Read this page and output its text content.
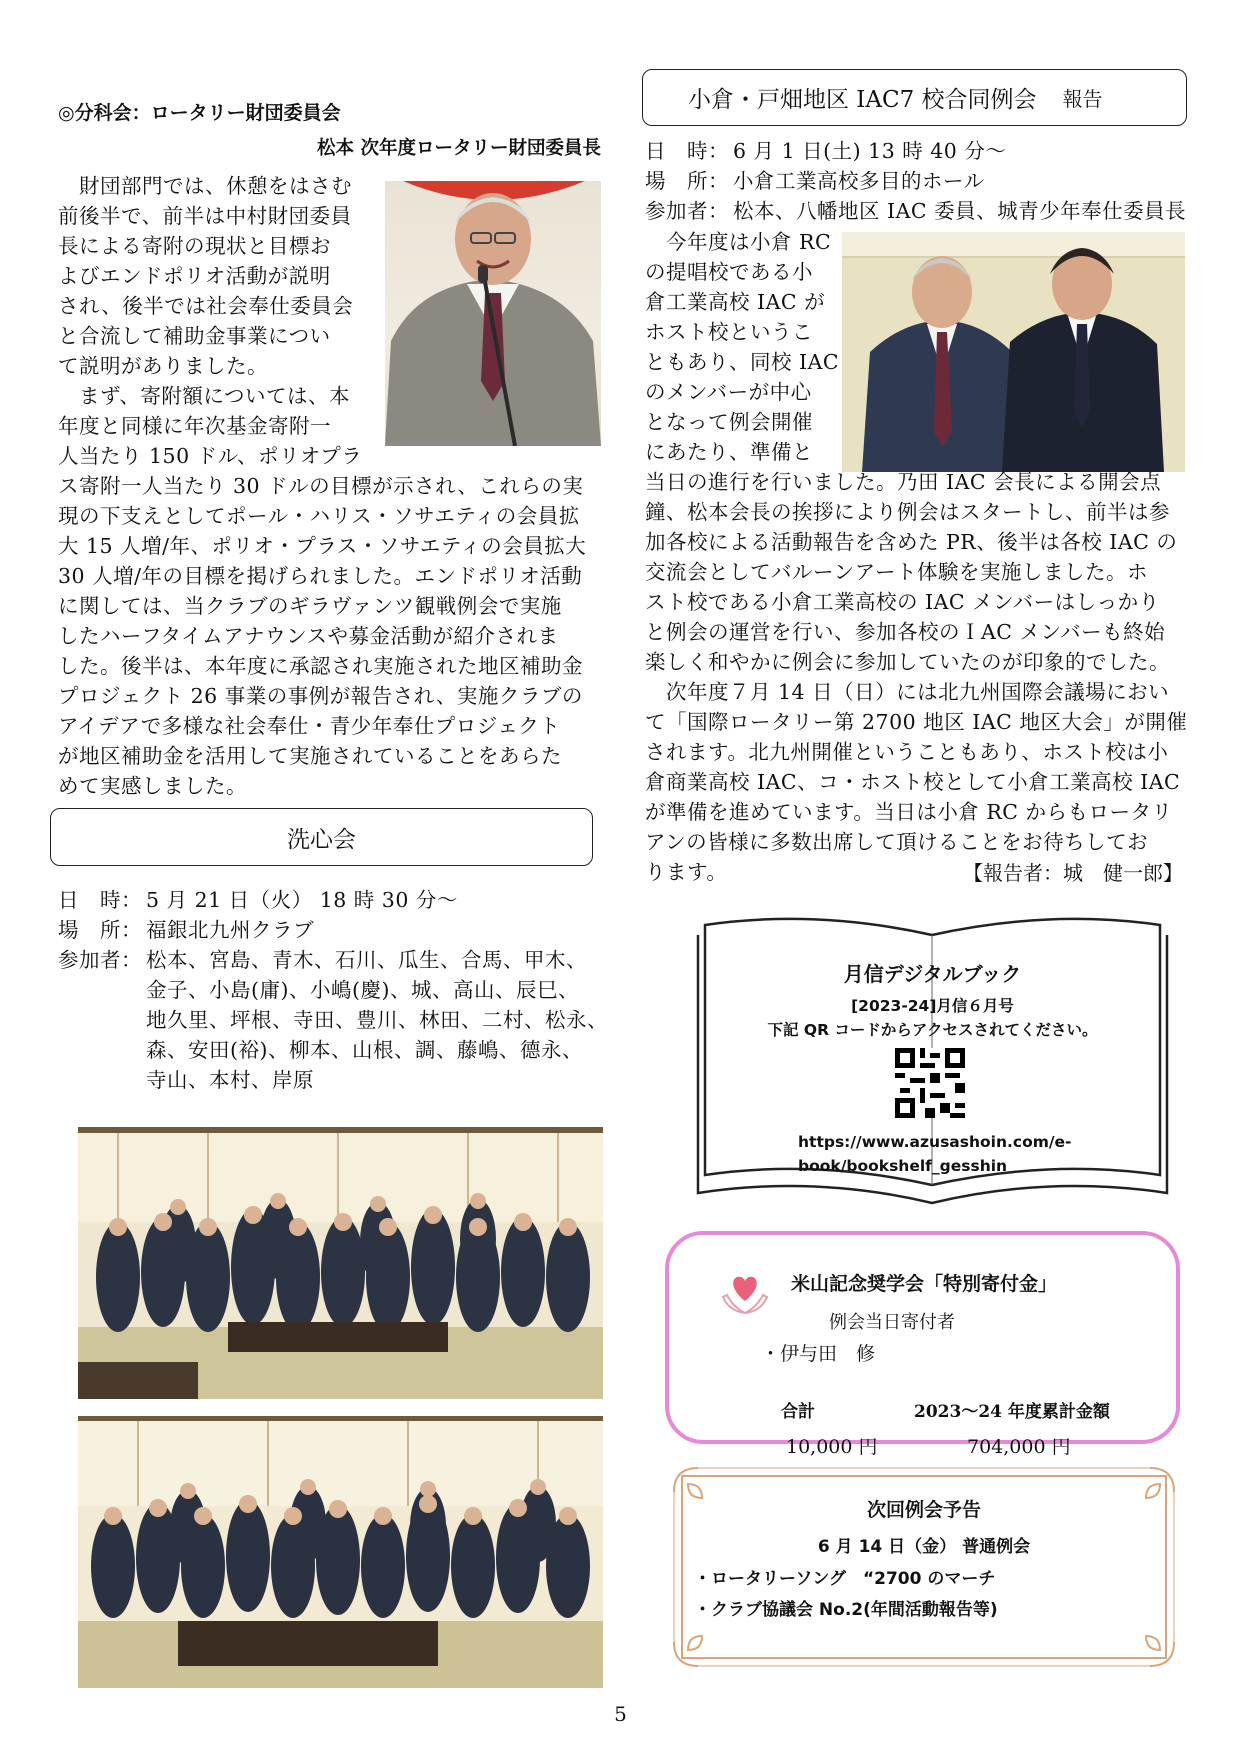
◎分科会：ロータリー財団委員会
松本 次年度ロータリー財団委員長
　財団部門では、休憩をはさむ
前後半で、前半は中村財団委員
長による寄附の現状と目標お
よびエンドポリオ活動が説明
され、後半では社会奉仕委員会
と合流して補助金事業につい
て説明がありました。
　まず、寄附額については、本
年度と同様に年次基金寄附一
人当たり 150 ドル、ポリオプラ
ス寄附一人当たり 30 ドルの目標が示され、これらの実
現の下支えとしてポール・ハリス・ソサエティの会員拡
大 15 人増/年、ポリオ・プラス・ソサエティの会員拡大
30 人増/年の目標を掲げられました。エンドポリオ活動
に関しては、当クラブのギラヴァンツ観戦例会で実施
したハーフタイムアナウンスや募金活動が紹介されま
した。後半は、本年度に承認され実施された地区補助金
プロジェクト 26 事業の事例が報告され、実施クラブの
アイデアで多様な社会奉仕・青少年奉仕プロジェクト
が地区補助金を活用して実施されていることをあらた
めて実感しました。
洗心会
日　時： 5 月 21 日（火） 18 時 30 分～
場　所： 福銀北九州クラブ
参加者： 松本、宮島、青木、石川、瓜生、合馬、甲木、
金子、小島(庸)、小嶋(慶)、城、高山、辰巳、
地久里、坪根、寺田、豊川、林田、二村、松永、
森、安田(裕)、柳本、山根、調、藤嶋、德永、
寺山、本村、岸原
小倉・戸畑地区 IAC7 校合同例会 報告
日　時： 6 月 1 日(土) 13 時 40 分～
場　所： 小倉工業高校多目的ホール
参加者： 松本、八幡地区 IAC 委員、城青少年奉仕委員長
　今年度は小倉 RC
の提唱校である小
倉工業高校 IAC が
ホスト校というこ
ともあり、同校 IAC
のメンバーが中心
となって例会開催
にあたり、準備と
当日の進行を行いました。乃田 IAC 会長による開会点
鐘、松本会長の挨拶により例会はスタートし、前半は参
加各校による活動報告を含めた PR、後半は各校 IAC の
交流会としてバルーンアート体験を実施しました。ホ
スト校である小倉工業高校の IAC メンバーはしっかり
と例会の運営を行い、参加各校のＩAC メンバーも終始
楽しく和やかに例会に参加していたのが印象的でした。
　次年度７月 14 日（日）には北九州国際会議場におい
て「国際ロータリー第 2700 地区 IAC 地区大会」が開催
されます。北九州開催ということもあり、ホスト校は小
倉商業高校 IAC、コ・ホスト校として小倉工業高校 IAC
が準備を進めています。当日は小倉 RC からもロータリ
アンの皆様に多数出席して頂けることをお待ちしてお
ります。	【報告者：城　健一郎】
月信デジタルブック
[2023-24]月信６月号
下記 QR コードからアクセスされてください。
https://www.azusashoin.com/e-
book/bookshelf_gesshin
米山記念奨学会「特別寄付金」
例会当日寄付者
・伊与田　修
合計	2023～24 年度累計金額
10,000 円	704,000 円
次回例会予告
6 月 14 日（金） 普通例会
・ロータリーソング　“2700 のマーチ
・クラブ協議会 No.2(年間活動報告等)
5
